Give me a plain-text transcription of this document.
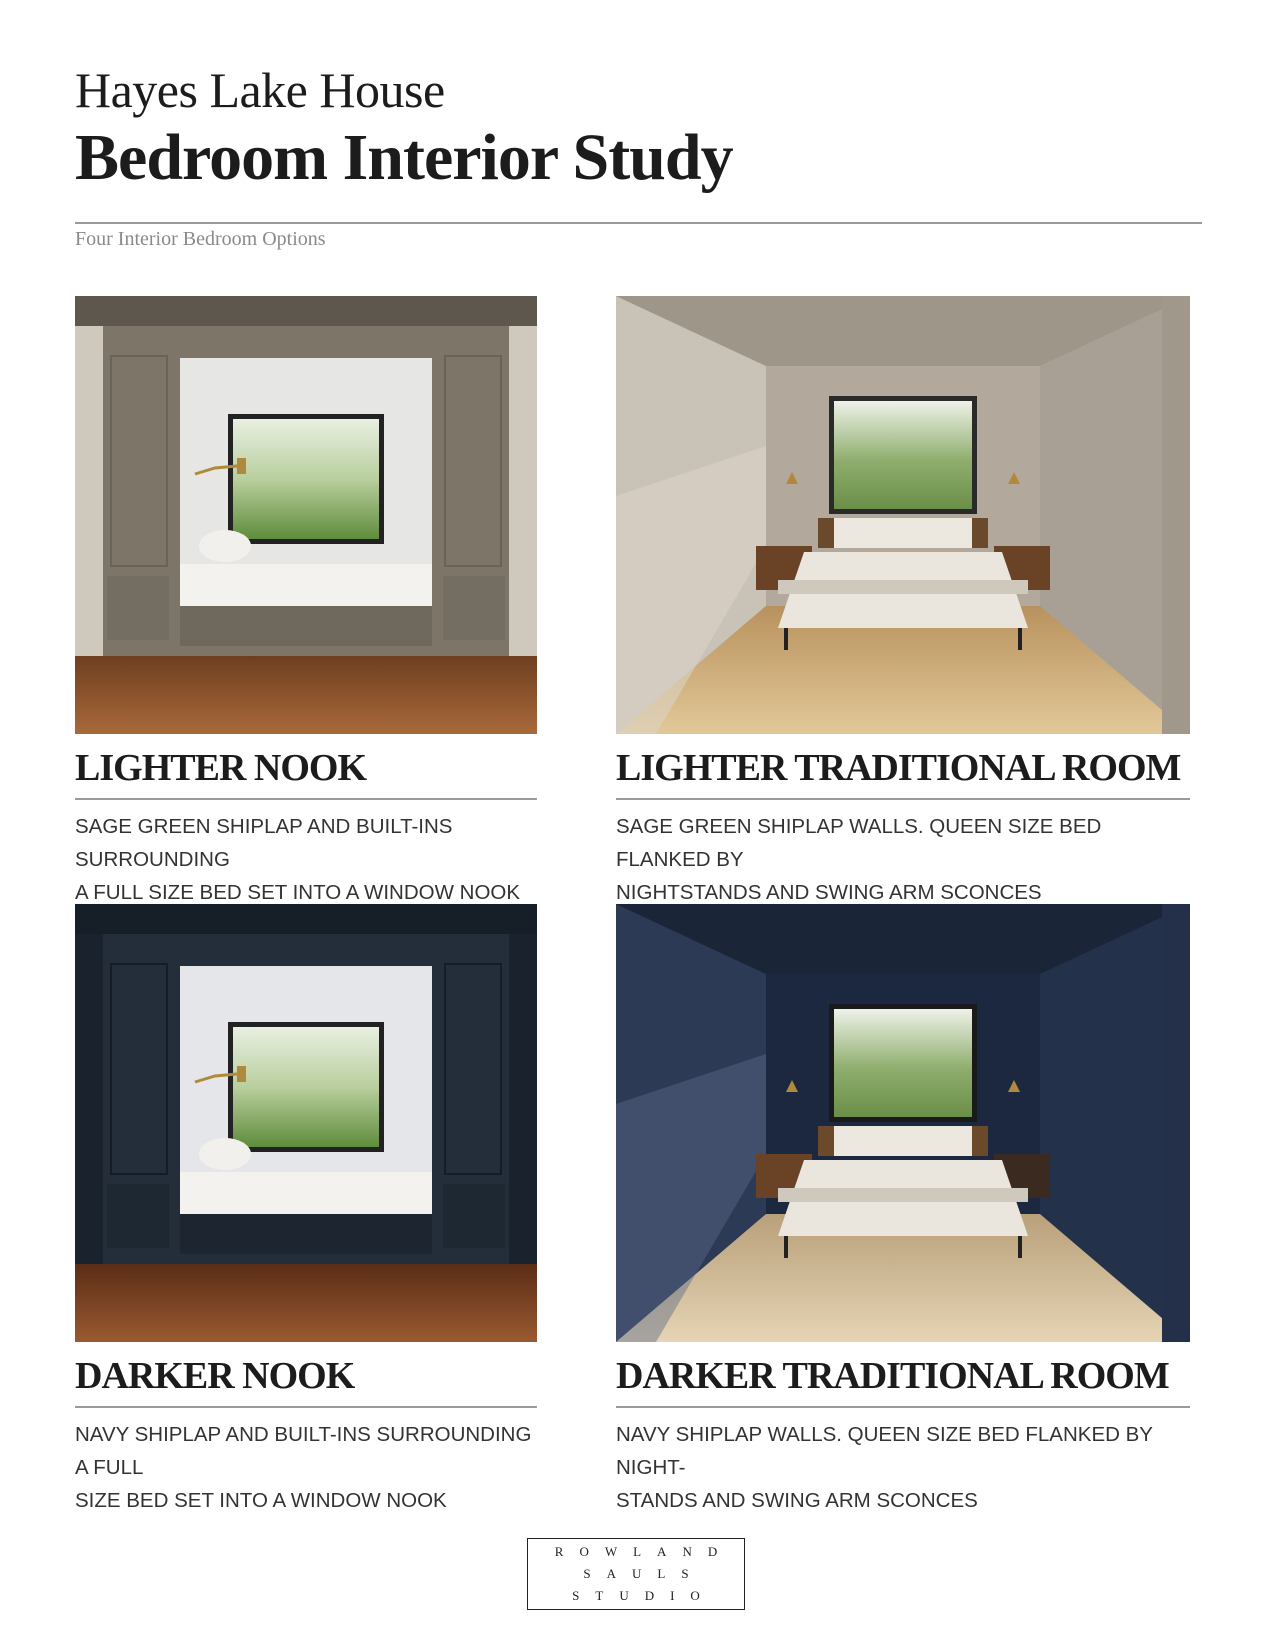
Hayes Lake House
Bedroom Interior Study
Four Interior Bedroom Options
LIGHTER NOOK
SAGE GREEN SHIPLAP AND BUILT-INS SURROUNDING
A FULL SIZE BED SET INTO A WINDOW NOOK
LIGHTER TRADITIONAL ROOM
SAGE GREEN SHIPLAP WALLS. QUEEN SIZE BED FLANKED BY
NIGHTSTANDS AND SWING ARM SCONCES
DARKER NOOK
NAVY SHIPLAP AND BUILT-INS SURROUNDING A FULL
SIZE BED SET INTO A WINDOW NOOK
DARKER TRADITIONAL ROOM
NAVY SHIPLAP WALLS. QUEEN SIZE BED FLANKED BY NIGHT-
STANDS AND SWING ARM SCONCES
ROWLAND
SAULS
STUDIO
